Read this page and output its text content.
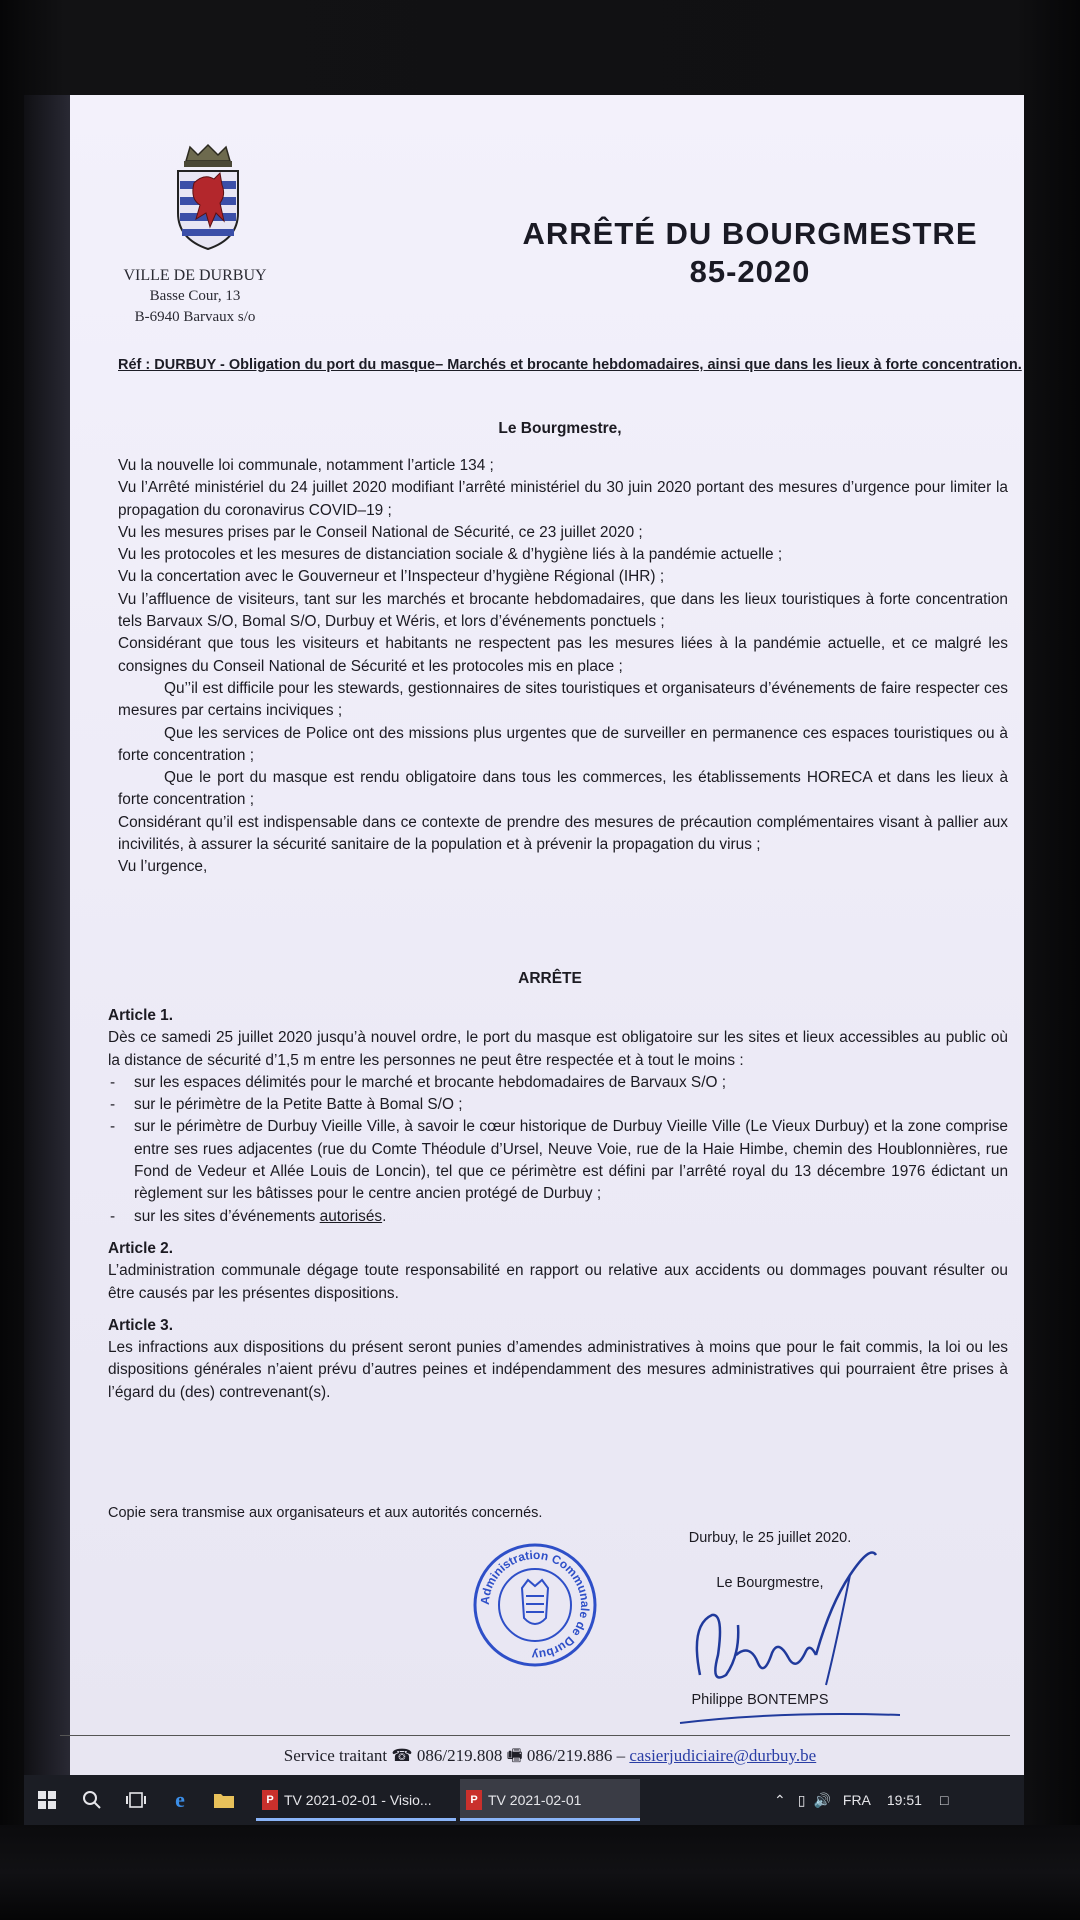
VILLE DE DURBUY
Basse Cour, 13
B-6940 Barvaux s/o
ARRÊTÉ DU BOURGMESTRE
85-2020
Réf : DURBUY - Obligation du port du masque– Marchés et brocante hebdomadaires, ainsi que dans les lieux à forte concentration.
Le Bourgmestre,

Vu la nouvelle loi communale, notamment l’article 134 ;

Vu l’Arrêté ministériel du 24 juillet 2020 modifiant l’arrêté ministériel du 30 juin 2020 portant des mesures d’urgence pour limiter la propagation du coronavirus COVID–19 ;

Vu les mesures prises par le Conseil National de Sécurité, ce 23 juillet 2020 ;

Vu les protocoles et les mesures de distanciation sociale & d’hygiène liés à la pandémie actuelle ;

Vu la concertation avec le Gouverneur et l’Inspecteur d’hygiène Régional (IHR) ;

Vu l’affluence de visiteurs, tant sur les marchés et brocante hebdomadaires, que dans les lieux touristiques à forte concentration tels Barvaux S/O, Bomal S/O, Durbuy et Wéris, et lors d’événements ponctuels ;

Considérant que tous les visiteurs et habitants ne respectent pas les mesures liées à la pandémie actuelle, et ce malgré les consignes du Conseil National de Sécurité et les protocoles mis en place ;

Qu’’il est difficile pour les stewards, gestionnaires de sites touristiques et organisateurs d’événements de faire respecter ces mesures par certains inciviques ;

Que les services de Police ont des missions plus urgentes que de surveiller en permanence ces espaces touristiques ou à forte concentration ;

Que le port du masque est rendu obligatoire dans tous les commerces, les établissements HORECA et dans les lieux à forte concentration ;

Considérant qu’il est indispensable dans ce contexte de prendre des mesures de précaution complémentaires visant à pallier aux incivilités, à assurer la sécurité sanitaire de la population et à prévenir la propagation du virus ;

Vu l’urgence,

ARRÊTE

Article 1.

Dès ce samedi 25 juillet 2020 jusqu’à nouvel ordre, le port du masque est obligatoire sur les sites et lieux accessibles au public où la distance de sécurité d’1,5 m entre les personnes ne peut être respectée et à tout le moins :

- sur les espaces délimités pour le marché et brocante hebdomadaires de Barvaux S/O ;
- sur le périmètre de la Petite Batte à Bomal S/O ;
- sur le périmètre de Durbuy Vieille Ville, à savoir le cœur historique de Durbuy Vieille Ville (Le Vieux Durbuy) et la zone comprise entre ses rues adjacentes (rue du Comte Théodule d’Ursel, Neuve Voie, rue de la Haie Himbe, chemin des Houblonnières, rue Fond de Vedeur et Allée Louis de Loncin), tel que ce périmètre est défini par l’arrêté royal du 13 décembre 1976 édictant un règlement sur les bâtisses pour le centre ancien protégé de Durbuy ;
- sur les sites d’événements autorisés.

Article 2.

L’administration communale dégage toute responsabilité en rapport ou relative aux accidents ou dommages pouvant résulter ou être causés par les présentes dispositions.

Article 3.

Les infractions aux dispositions du présent seront punies d’amendes administratives à moins que pour le fait commis, la loi ou les dispositions générales n’aient prévu d’autres peines et indépendamment des mesures administratives qui pourraient être prises à l’égard du (des) contrevenant(s).

Copie sera transmise aux organisateurs et aux autorités concernés.
Durbuy, le 25 juillet 2020.
Administration Communale de Durbuy
Le Bourgmestre,
Philippe BONTEMPS
Service traitant ☎ 086/219.808 🖷 086/219.886 – casierjudiciaire@durbuy.be
e	P TV 2021-02-01 - Visio...	P TV 2021-02-01	⌃ ▯ 🔊 FRA 19:51 □
